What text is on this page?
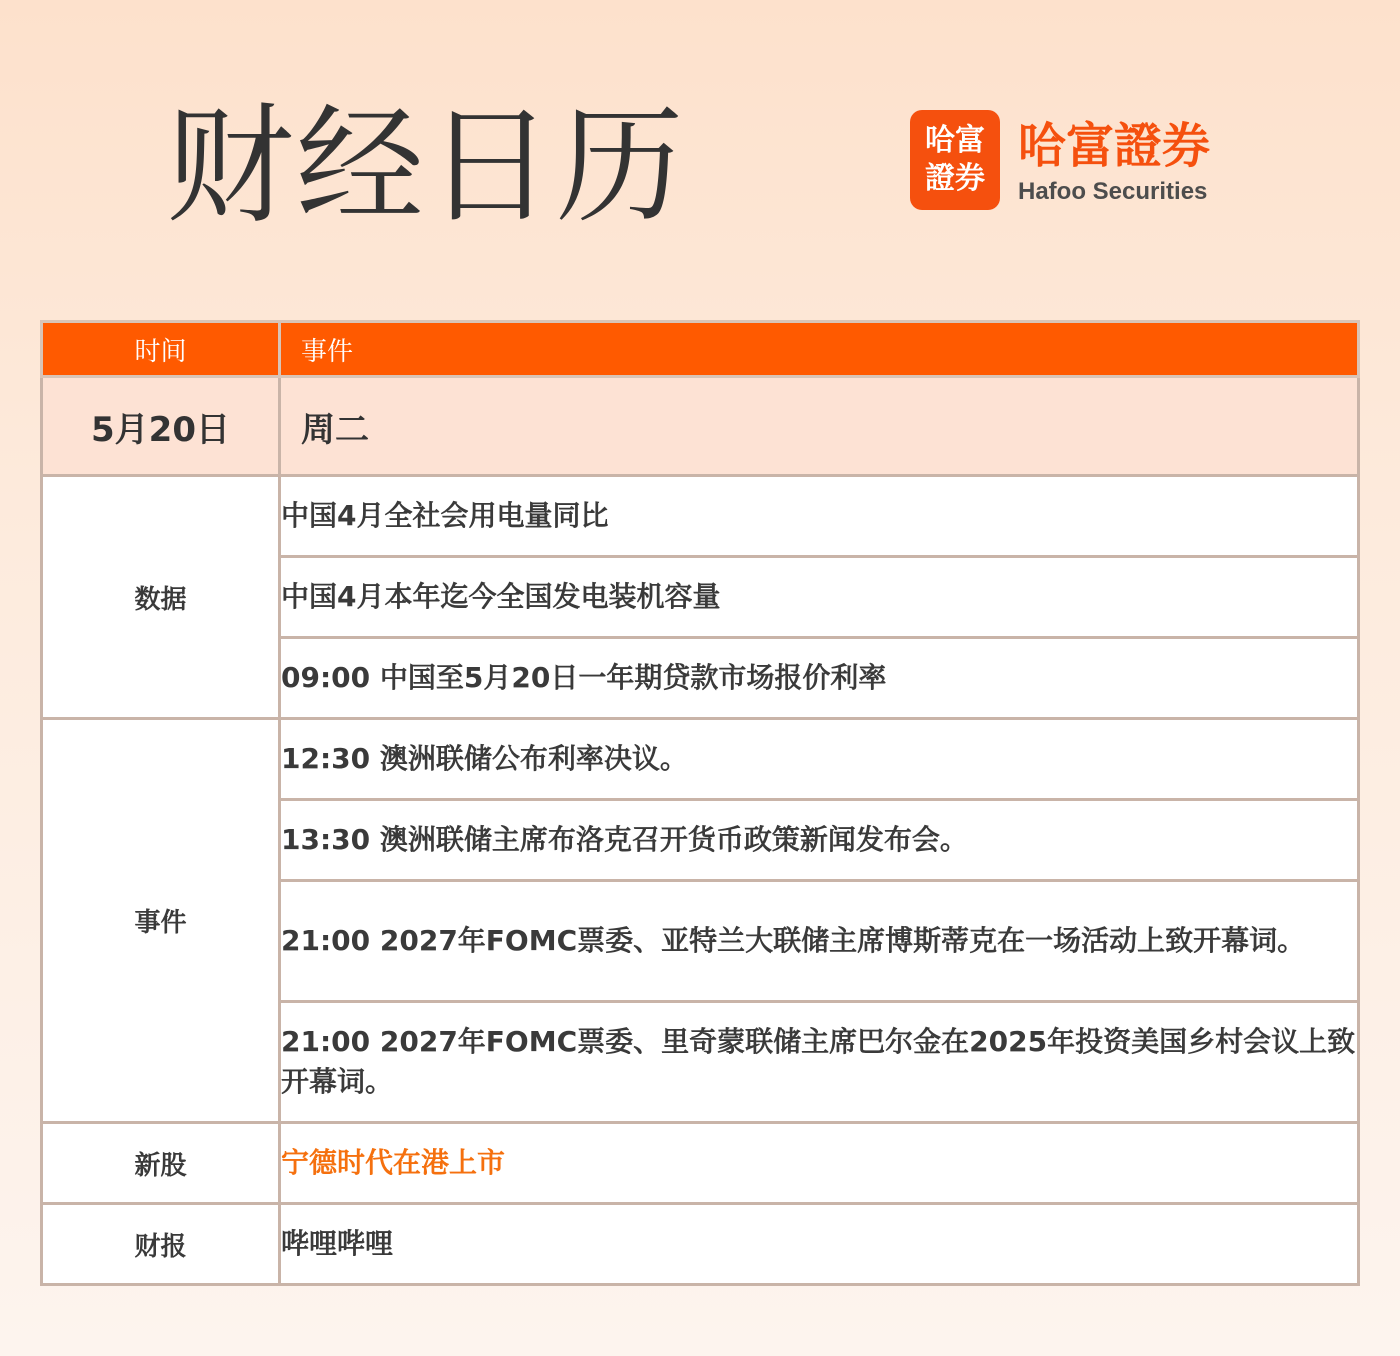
财经日历	哈富
證券
哈富證券
Hafoo Securities
时间	事件
5月20日	周二
数据	中国4月全社会用电量同比
	中国4月本年迄今全国发电装机容量
	09:00 中国至5月20日一年期贷款市场报价利率
事件	12:30 澳洲联储公布利率决议。
	13:30 澳洲联储主席布洛克召开货币政策新闻发布会。
	21:00 2027年FOMC票委、亚特兰大联储主席博斯蒂克在一场活动上致开幕词。
	21:00 2027年FOMC票委、里奇蒙联储主席巴尔金在2025年投资美国乡村会议上致开幕词。
新股	宁德时代在港上市
财报	哔哩哔哩
